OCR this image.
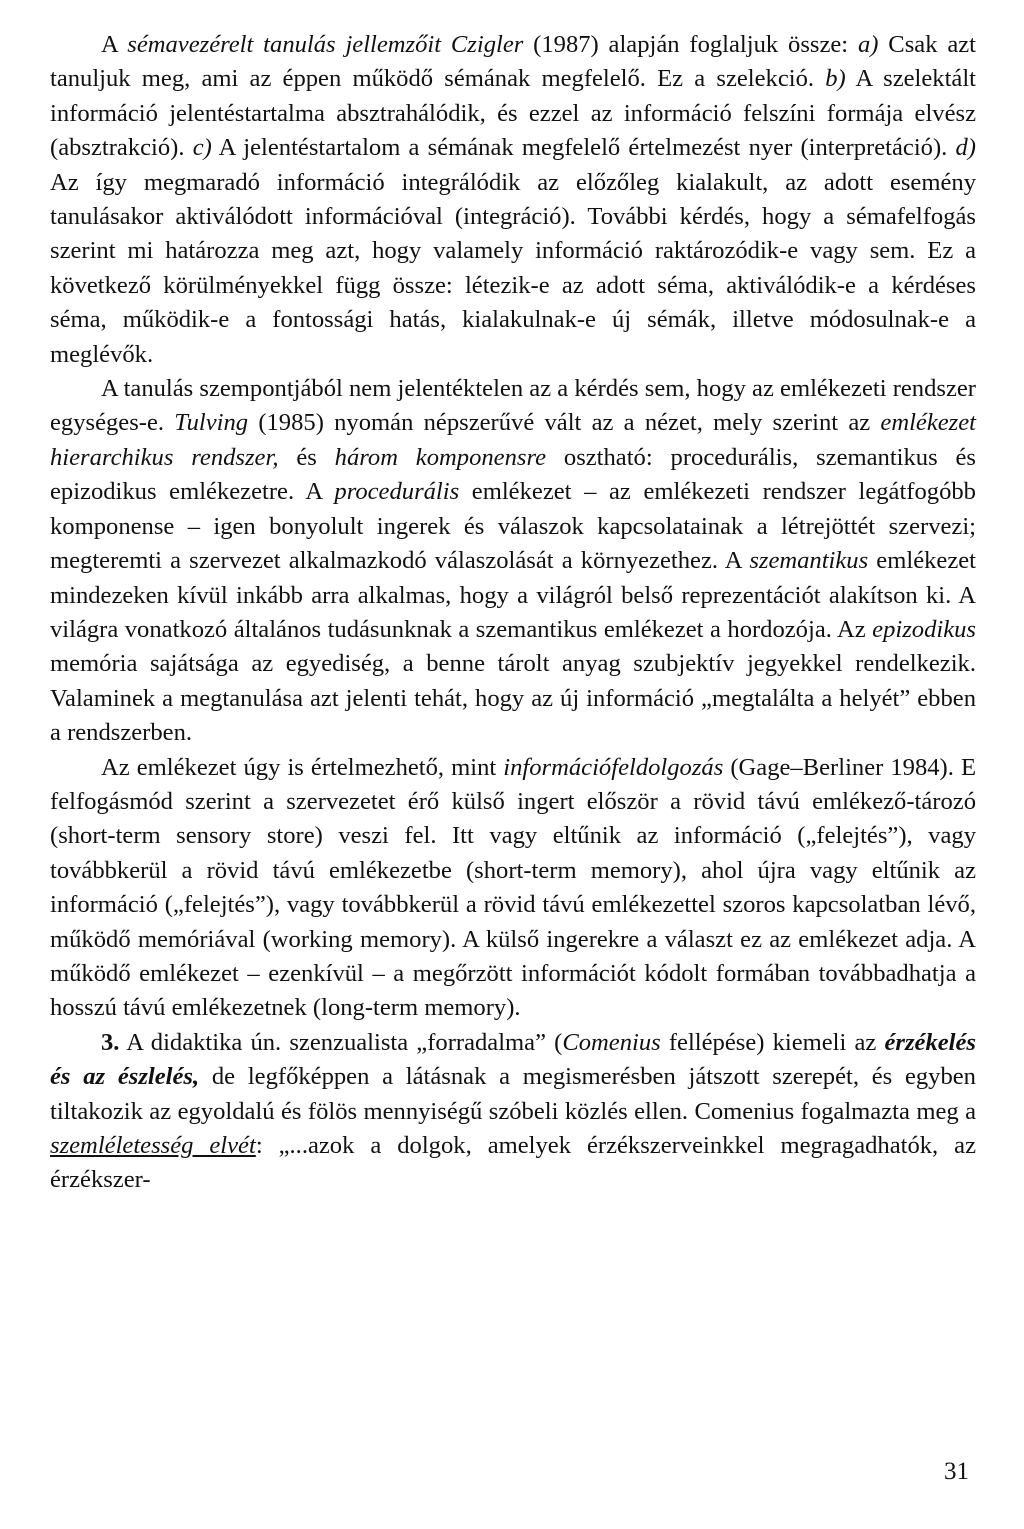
A sémavezérelt tanulás jellemzőit Czigler (1987) alapján foglaljuk össze: a) Csak azt tanuljuk meg, ami az éppen működő sémának megfelelő. Ez a szelekció. b) A szelektált információ jelentéstartalma absztrahálódik, és ezzel az információ felszíni formája elvész (absztrakció). c) A jelentéstartalom a sémának megfelelő értelmezést nyer (interpretáció). d) Az így megmaradó információ integrálódik az előzőleg kialakult, az adott esemény tanulásakor aktiválódott információval (integráció). További kérdés, hogy a sémafelfogás szerint mi határozza meg azt, hogy valamely információ raktározódik-e vagy sem. Ez a következő körülményekkel függ össze: létezik-e az adott séma, aktiválódik-e a kérdéses séma, működik-e a fontossági hatás, kialakulnak-e új sémák, illetve módosulnak-e a meglévők.

A tanulás szempontjából nem jelentéktelen az a kérdés sem, hogy az emlékezeti rendszer egységes-e. Tulving (1985) nyomán népszerűvé vált az a nézet, mely szerint az emlékezet hierarchikus rendszer, és három komponensre osztható: procedurális, szemantikus és epizodikus emlékezetre. A procedurális emlékezet – az emlékezeti rendszer legátfogóbb komponense – igen bonyolult ingerek és válaszok kapcsolatainak a létrejöttét szervezi; megteremti a szervezet alkalmazkodó válaszolását a környezethez. A szemantikus emlékezet mindezeken kívül inkább arra alkalmas, hogy a világról belső reprezentációt alakítson ki. A világra vonatkozó általános tudásunknak a szemantikus emlékezet a hordozója. Az epizodikus memória sajátsága az egyediség, a benne tárolt anyag szubjektív jegyekkel rendelkezik. Valaminek a megtanulása azt jelenti tehát, hogy az új információ „megtalálta a helyét” ebben a rendszerben.

Az emlékezet úgy is értelmezhető, mint információfeldolgozás (Gage–Berliner 1984). E felfogásmód szerint a szervezetet érő külső ingert először a rövid távú emlékező-tározó (short-term sensory store) veszi fel. Itt vagy eltűnik az információ („felejtés”), vagy továbbkerül a rövid távú emlékezetbe (short-term memory), ahol újra vagy eltűnik az információ („felejtés”), vagy továbbkerül a rövid távú emlékezettel szoros kapcsolatban lévő, működő memóriával (working memory). A külső ingerekre a választ ez az emlékezet adja. A működő emlékezet – ezenkívül – a megőrzött információt kódolt formában továbbadhatja a hosszú távú emlékezetnek (long-term memory).

3. A didaktika ún. szenzualista „forradalma” (Comenius fellépése) kiemeli az érzékelés és az észlelés, de legfőképpen a látásnak a megismerésben játszott szerepét, és egyben tiltakozik az egyoldalú és fölös mennyiségű szóbeli közlés ellen. Comenius fogalmazta meg a szemléletesség elvét: „...azok a dolgok, amelyek érzékszerveinkkel megragadhatók, az érzékszer-

31
